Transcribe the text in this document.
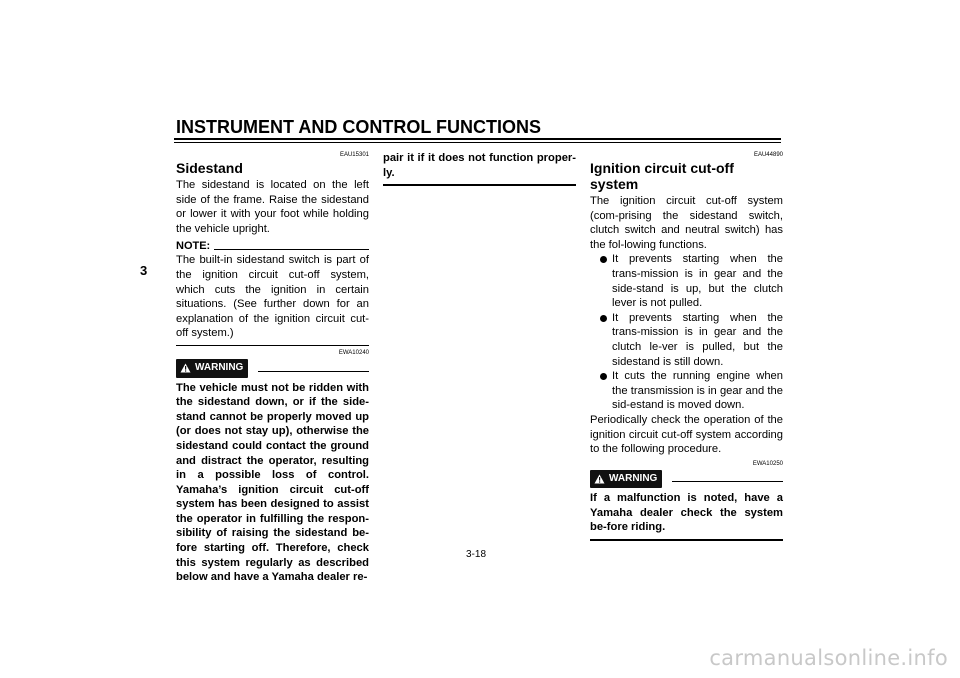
INSTRUMENT AND CONTROL FUNCTIONS
3
EAU15301
Sidestand

The sidestand is located on the left side of the frame. Raise the sidestand or lower it with your foot while holding the vehicle upright.

NOTE:

The built-in sidestand switch is part of the ignition circuit cut-off system, which cuts the ignition in certain situations. (See further down for an explanation of the ignition circuit cut-off system.)

EWA10240
WARNING

The vehicle must not be ridden with the sidestand down, or if the side-stand cannot be properly moved up (or does not stay up), otherwise the sidestand could contact the ground and distract the operator, resulting in a possible loss of control. Yamaha’s ignition circuit cut-off system has been designed to assist the operator in fulfilling the respon-sibility of raising the sidestand be-fore starting off. Therefore, check this system regularly as described below and have a Yamaha dealer re-

pair it if it does not function proper-ly.

EAU44890
Ignition circuit cut-off system

The ignition circuit cut-off system (com-prising the sidestand switch, clutch switch and neutral switch) has the fol-lowing functions.

It prevents starting when the trans-mission is in gear and the side-stand is up, but the clutch lever is not pulled.
It prevents starting when the trans-mission is in gear and the clutch le-ver is pulled, but the sidestand is still down.
It cuts the running engine when the transmission is in gear and the sid-estand is moved down.

Periodically check the operation of the ignition circuit cut-off system according to the following procedure.

EWA10250
WARNING

If a malfunction is noted, have a Yamaha dealer check the system be-fore riding.

3-18
carmanualsonline.info
